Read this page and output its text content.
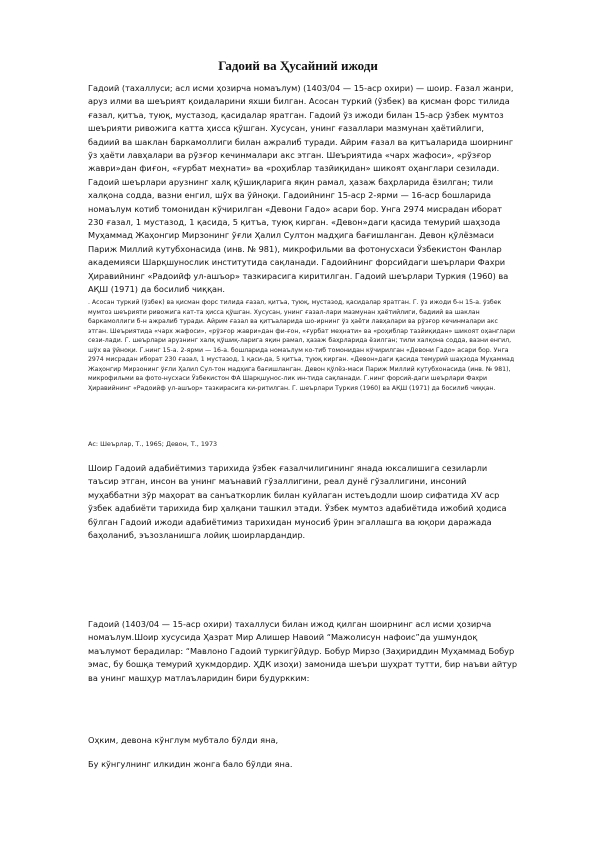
Гадоий ва Ҳусайний ижоди

Гадоий (тахаллуси; асл исми ҳозирча номаълум) (1403/04 — 15-аср охири) — шоир. Ғазал жанри, аруз илми ва шеърият қоидаларини яхши билган. Асосан туркий (ўзбек) ва қисман форс тилида ғазал, қитъа, туюқ, мустазод, қасидалар яратган. Гадоий ўз ижоди билан 15-аср ўзбек мумтоз шеърияти ривожига катта ҳисса қўшган. Хусусан, унинг ғазаллари мазмунан ҳаётийлиги, бадиий ва шаклан баркамоллиги билан ажралиб туради. Айрим ғазал ва қитъаларида шоирнинг ўз ҳаёти лавҳалари ва рўзғор кечинмалари акс этган. Шеъриятида «чарх жафоси», «рўзғор жаври»дан фиғон, «ғурбат меҳнати» ва «роҳиблар тазйиқидан» шикоят оҳанглари сезилади. Гадоий шеърлари арузнинг халқ қўшиқларига яқин рамал, ҳазаж баҳрларида ёзилган; тили халқона содда, вазни енгил, шўх ва ўйноқи. Гадоийнинг 15-аср 2-ярми — 16-аср бошларида номаълум котиб томонидан кўчирилган «Девони Гадо» асари бор. Унга 2974 мисрадан иборат 230 ғазал, 1 мустазод, 1 қасида, 5 қитъа, туюқ кирган. «Девон»даги қасида темурий шаҳзода Муҳаммад Жаҳонгир Мирзонинг ўғли Ҳалил Султон мадҳига бағишланган. Девон қўлёзмаси Париж Миллий кутубхонасида (инв. № 981), микрофильми ва фотонусхаси Ўзбекистон Фанлар академияси Шарқшунослик институтида сақланади. Гадоийнинг форсийдаги шеърлари Фахри Ҳиравийнинг «Радоийф ул-ашъор» тазкирасига киритилган. Гадоий шеърлари Туркия (1960) ва АҚШ (1971) да босилиб чиққан.

. Асосан туркий (ўзбек) ва қисман форс тилида ғазал, қитъа, туюқ, мустазод, қасидалар яратган. Г. ўз ижоди б-н 15-а. ўзбек мумтоз шеърияти ривожига кат-та ҳисса қўшган. Хусусан, унинг ғазал-лари мазмунан ҳаётийлиги, бадиий ва шаклан баркамоллиги б-н ажралиб туради. Айрим ғазал ва қитъаларида шо-ирнинг ўз ҳаёти лавҳалари ва рўзғор кечинмалари акс этган. Шеъриятида «чарх жафоси», «рўзғор жаври»дан фи-ғон, «ғурбат меҳнати» ва «роҳиблар тазйиқидан» шикоят оҳанглари сези-лади. Г. шеърлари арузнинг халқ қўшиқ-ларига яқин рамал, ҳазаж баҳрларида ёзилган; тили халқона содда, вазни енгил, шўх ва ўйноқи. Г.нинг 15-а. 2-ярми — 16-а. бошларида номаълум ко-тиб томонидан кўчирилган «Девони Гадо» асари бор. Унга 2974 мисрадан иборат 230 ғазал, 1 мустазод, 1 қаси-да, 5 қитъа, туюқ кирган. «Девон»даги қасида темурий шаҳзода Муҳаммад Жаҳонгир Мирзонинг ўғли Ҳалил Сул-тон мадҳига бағишланган. Девон қўлёз-маси Париж Миллий кутубхонасида (инв. № 981), микрофильми ва фото-нусхаси Ўзбекистон ФА Шарқшунос-лик ин-тида сақланади. Г.нинг форсий-даги шеърлари Фахри Ҳиравийнинг «Радоийф ул-ашъор» тазкирасига ки-ритилган. Г. шеърлари Туркия (1960) ва АҚШ (1971) да босилиб чиққан.

Ас: Шеърлар, Т., 1965; Девон, Т., 1973

Шоир Гадоий адабиётимиз тарихида ўзбек ғазалчилигининг янада юксалишига сезиларли таъсир этган, инсон ва унинг маънавий гўзаллигини, реал дунё гўзаллигини, инсоний муҳаббатни зўр маҳорат ва санъаткорлик билан куйлаган истеъдодли шоир сифатида XV аср ўзбек адабиёти тарихида бир ҳалқани ташкил этади. Ўзбек мумтоз адабиётида ижобий ҳодиса бўлган Гадоий ижоди адабиётимиз тарихидан муносиб ўрин эгаллашга ва юқори даражада баҳоланиб, эъзозланишга лойиқ шоирлардандир.

Гадоий (1403/04 — 15-аср охири) тахаллуси билан ижод қилган шоирнинг асл исми ҳозирча номаълум.Шоир хусусида Ҳазрат Мир Алишер Навоий “Мажолисун нафоис”да ушмундоқ маълумот берадилар: “Мавлоно Гадоий туркигўйдур. Бобур Мирзо (Заҳириддин Муҳаммад Бобур эмас, бу бошқа темурий ҳукмдордир. ҲДК изоҳи) замонида шеъри шуҳрат тутти, бир наъви айтур ва унинг машҳур матлаъларидин бири будуркким:

Оҳким, девона кўнглум мубтало бўлди яна,

Бу кўнгулнинг илкидин жонга бало бўлди яна.
